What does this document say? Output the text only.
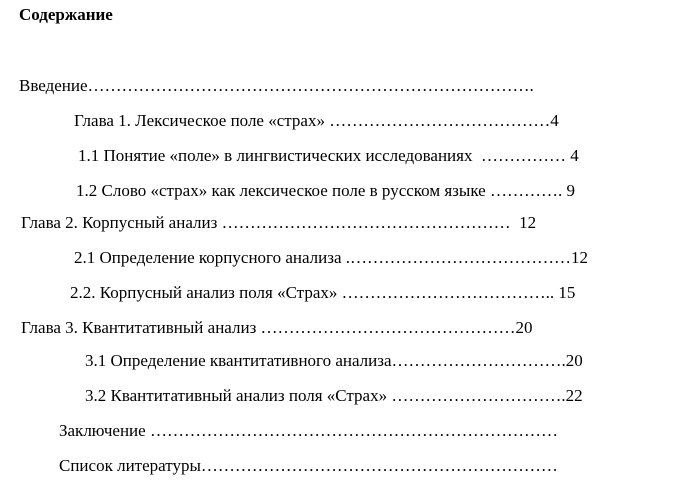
Содержание
Введение…………………………………………………………………….
Глава 1. Лексическое поле «страх» …………………………………4
1.1 Понятие «поле» в лингвистических исследованиях  …………… 4
1.2 Слово «страх» как лексическое поле в русском языке …………. 9
Глава 2. Корпусный анализ ……………………………………………  12
2.1 Определение корпусного анализа .…………………………………12
2.2. Корпусный анализ поля «Страх» ……………………………….. 15
Глава 3. Квантитативный анализ ………………………………………20
3.1 Определение квантитативного анализа………………………….20
3.2 Квантитативный анализ поля «Страх» ………………………….22
Заключение ………………………………………………………………
Список литературы………………………………………………………
